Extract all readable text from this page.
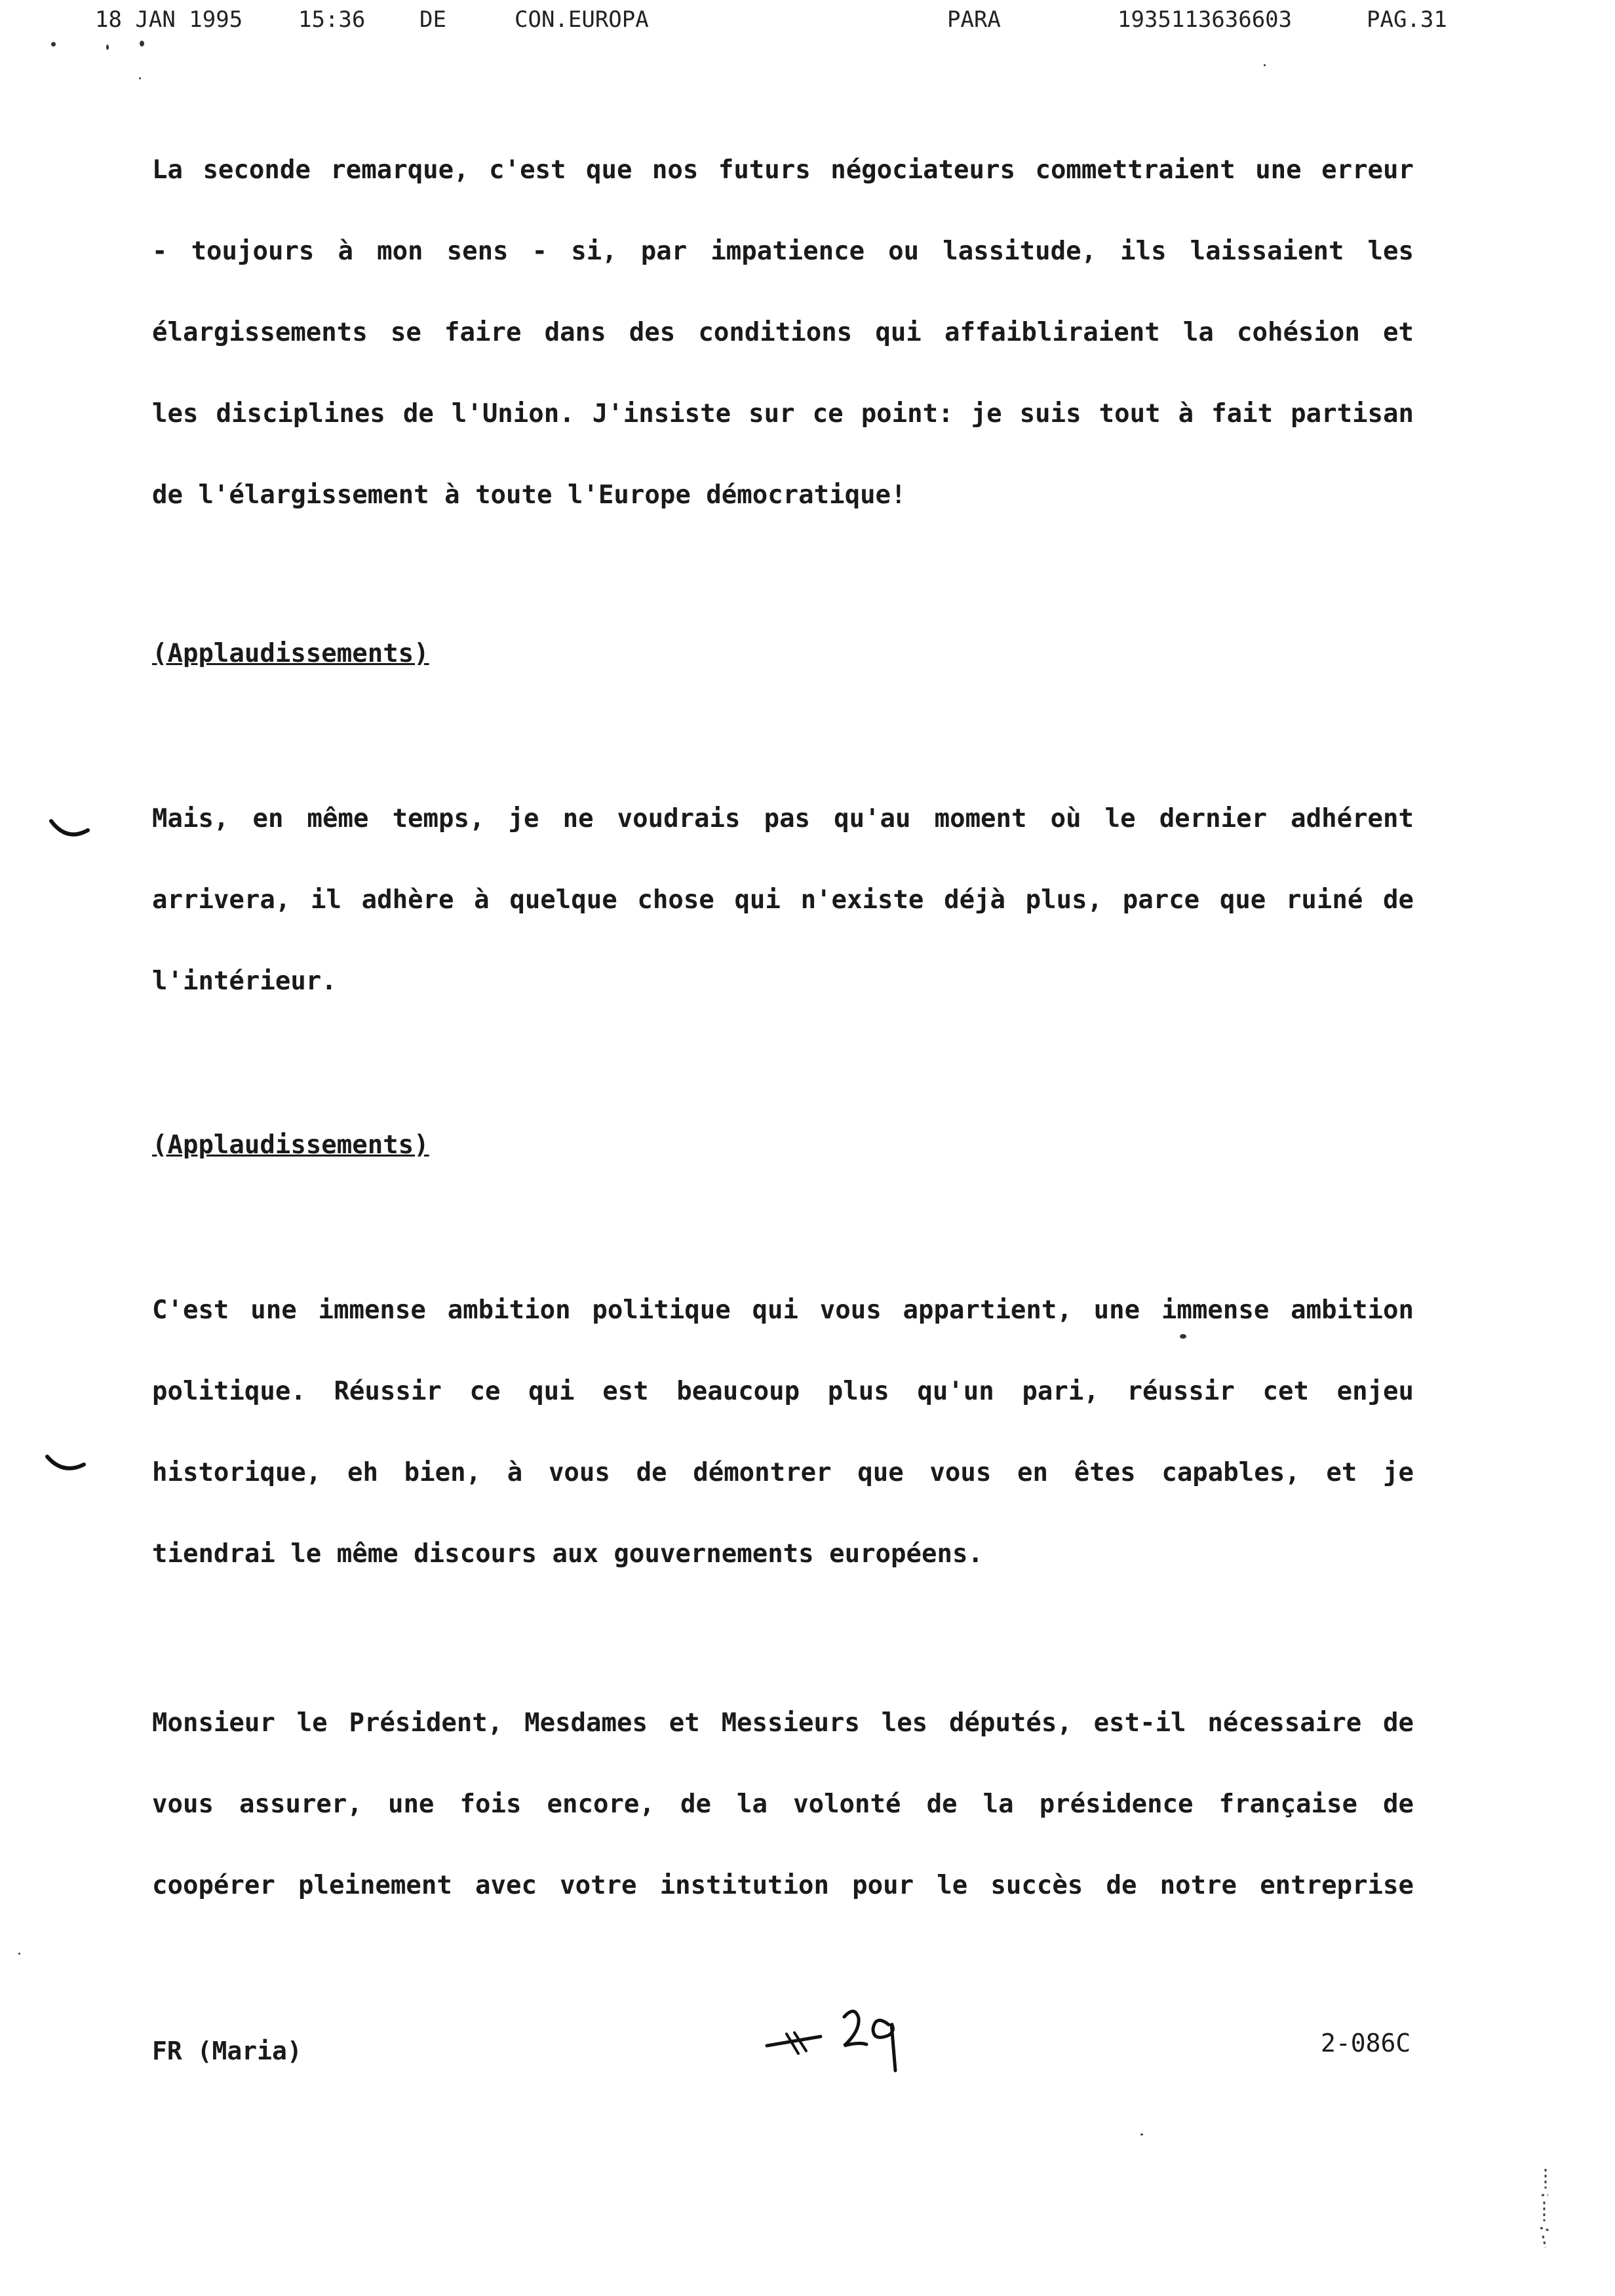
18 JAN 1995 15:36 DE	CON.EUROPA	PARA	1935113636603	PAG.31
La seconde remarque, c'est que nos futurs négociateurs commettraient une erreur
- toujours à mon sens - si, par impatience ou lassitude, ils laissaient les
élargissements se faire dans des conditions qui affaibliraient la cohésion et
les disciplines de l'Union. J'insiste sur ce point: je suis tout à fait partisan
de l'élargissement à toute l'Europe démocratique!
(Applaudissements)
Mais, en même temps, je ne voudrais pas qu'au moment où le dernier adhérent
arrivera, il adhère à quelque chose qui n'existe déjà plus, parce que ruiné de
l'intérieur.
(Applaudissements)
C'est une immense ambition politique qui vous appartient, une immense ambition
politique. Réussir ce qui est beaucoup plus qu'un pari, réussir cet enjeu
historique, eh bien, à vous de démontrer que vous en êtes capables, et je
tiendrai le même discours aux gouvernements européens.
Monsieur le Président, Mesdames et Messieurs les députés, est-il nécessaire de
vous assurer, une fois encore, de la volonté de la présidence française de
coopérer pleinement avec votre institution pour le succès de notre entreprise
FR (Maria)	2-086C
